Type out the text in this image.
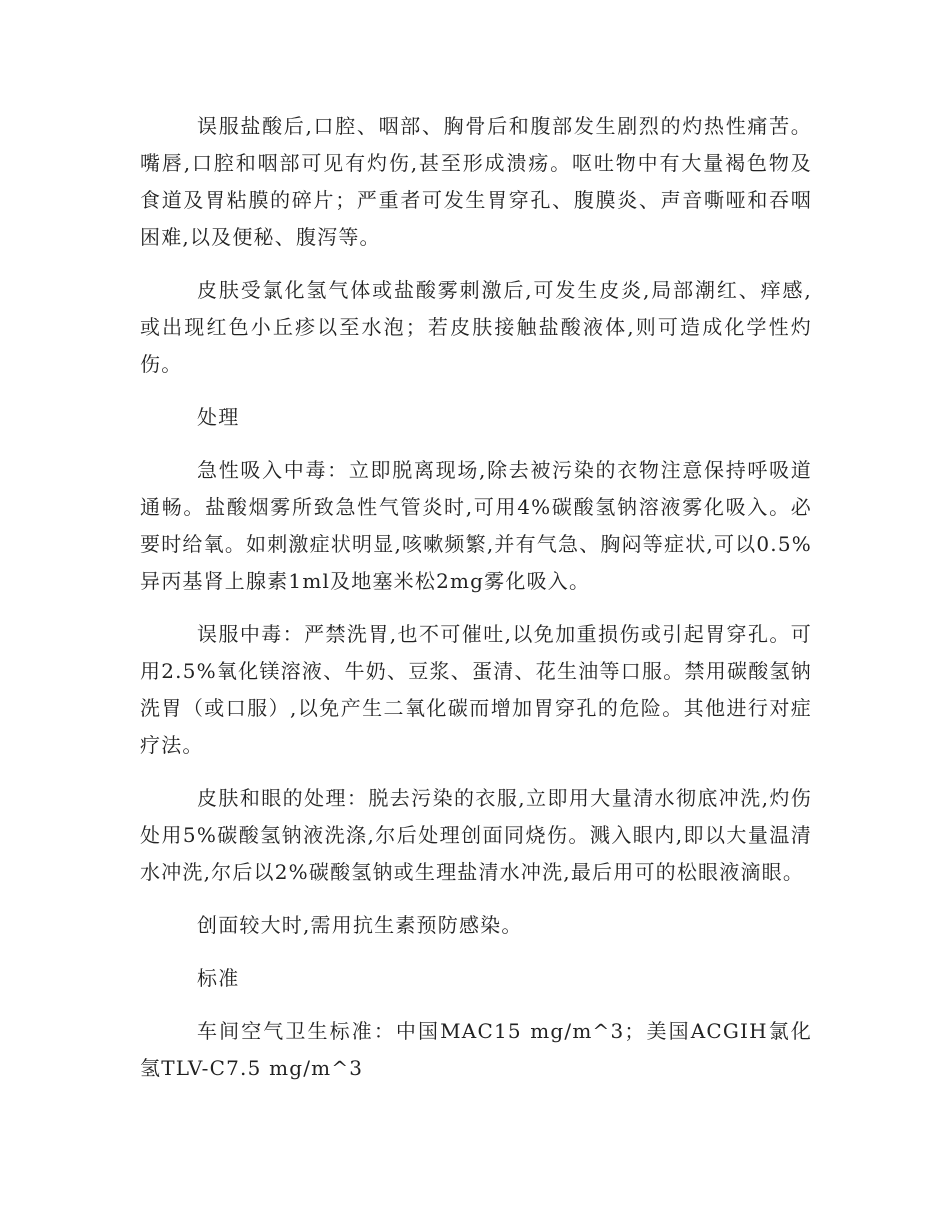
误服盐酸后,口腔、咽部、胸骨后和腹部发生剧烈的灼热性痛苦。嘴唇,口腔和咽部可见有灼伤,甚至形成溃疡。呕吐物中有大量褐色物及食道及胃粘膜的碎片；严重者可发生胃穿孔、腹膜炎、声音嘶哑和吞咽困难,以及便秘、腹泻等。

皮肤受氯化氢气体或盐酸雾刺激后,可发生皮炎,局部潮红、痒感,或出现红色小丘疹以至水泡；若皮肤接触盐酸液体,则可造成化学性灼伤。

处理

急性吸入中毒：立即脱离现场,除去被污染的衣物注意保持呼吸道通畅。盐酸烟雾所致急性气管炎时,可用4%碳酸氢钠溶液雾化吸入。必要时给氧。如刺激症状明显,咳嗽频繁,并有气急、胸闷等症状,可以0.5%异丙基肾上腺素1ml及地塞米松2mg雾化吸入。

误服中毒：严禁洗胃,也不可催吐,以免加重损伤或引起胃穿孔。可用2.5%氧化镁溶液、牛奶、豆浆、蛋清、花生油等口服。禁用碳酸氢钠洗胃（或口服）,以免产生二氧化碳而增加胃穿孔的危险。其他进行对症疗法。

皮肤和眼的处理：脱去污染的衣服,立即用大量清水彻底冲洗,灼伤处用5%碳酸氢钠液洗涤,尔后处理创面同烧伤。溅入眼内,即以大量温清水冲洗,尔后以2%碳酸氢钠或生理盐清水冲洗,最后用可的松眼液滴眼。

创面较大时,需用抗生素预防感染。

标准

车间空气卫生标准：中国MAC15 mg/m^3；美国ACGIH氯化氢TLV-C7.5 mg/m^3
